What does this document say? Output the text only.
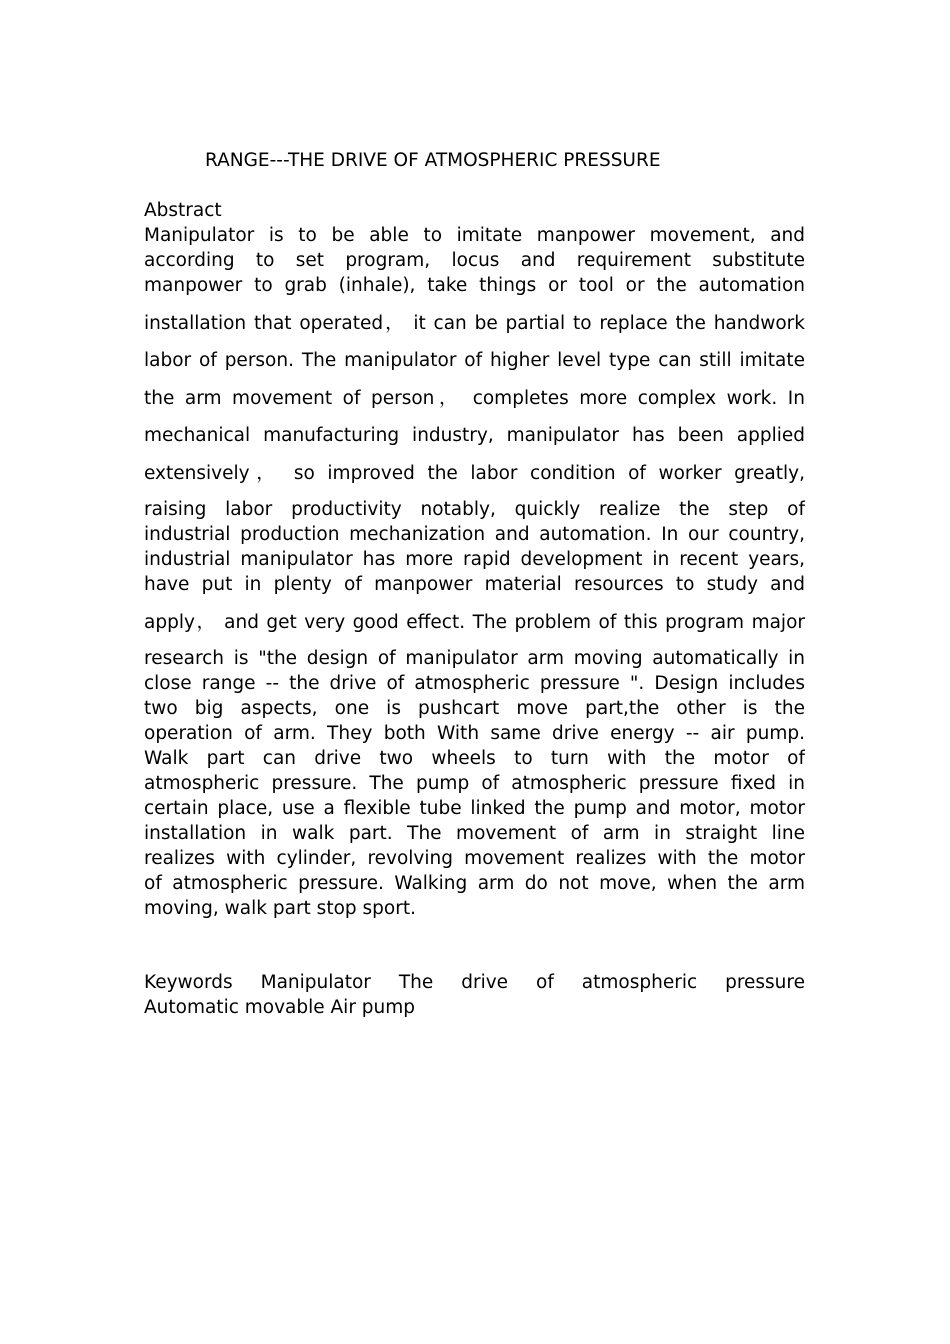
RANGE---THE DRIVE OF ATMOSPHERIC PRESSURE
Abstract
Manipulator is to be able to imitate manpower movement, and
according to set program, locus and requirement substitute
manpower to grab (inhale), take things or tool or the automation
installation that operated， it can be partial to replace the handwork
labor of person. The manipulator of higher level type can still imitate
the arm movement of person， completes more complex work. In
mechanical manufacturing industry, manipulator has been applied
extensively， so improved the labor condition of worker greatly,
raising labor productivity notably, quickly realize the step of
industrial production mechanization and automation. In our country,
industrial manipulator has more rapid development in recent years,
have put in plenty of manpower material resources to study and
apply， and get very good effect. The problem of this program major
research is "the design of manipulator arm moving automatically in
close range -- the drive of atmospheric pressure ". Design includes
two big aspects, one is pushcart move part,the other is the
operation of arm. They both With same drive energy -- air pump.
Walk part can drive two wheels to turn with the motor of
atmospheric pressure. The pump of atmospheric pressure fixed in
certain place, use a flexible tube linked the pump and motor, motor
installation in walk part. The movement of arm in straight line
realizes with cylinder, revolving movement realizes with the motor
of atmospheric pressure. Walking arm do not move, when the arm
moving, walk part stop sport.
Keywords Manipulator The drive of atmospheric pressure
Automatic movable Air pump
